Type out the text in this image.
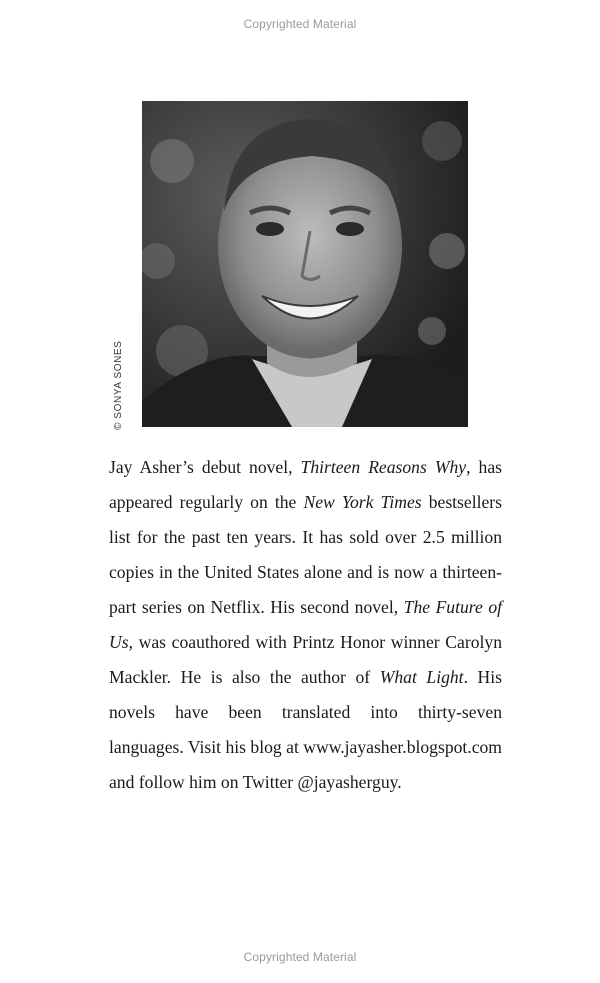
Copyrighted Material
© SONYA SONES

Jay Asher’s debut novel, Thirteen Reasons Why, has appeared regularly on the New York Times bestsellers list for the past ten years. It has sold over 2.5 million copies in the United States alone and is now a thirteen-part series on Netflix. His second novel, The Future of Us, was coauthored with Printz Honor winner Carolyn Mackler. He is also the author of What Light. His novels have been translated into thirty-seven languages. Visit his blog at www.jayasher.blogspot.com and follow him on Twitter @jayasherguy.

Copyrighted Material
